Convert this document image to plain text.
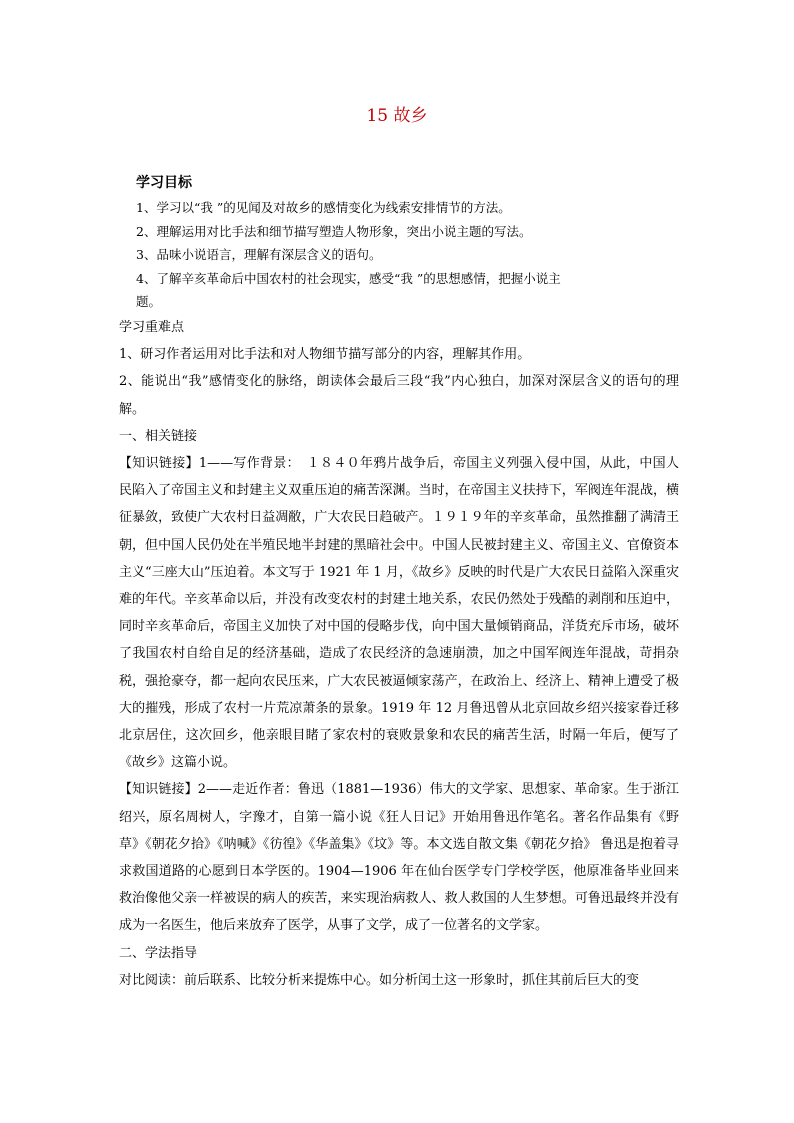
15 故乡
学习目标
1、学习以“我 ”的见闻及对故乡的感情变化为线索安排情节的方法。
2、理解运用对比手法和细节描写塑造人物形象，突出小说主题的写法。
3、品味小说语言，理解有深层含义的语句。
4、了解辛亥革命后中国农村的社会现实，感受“我 ”的思想感情，把握小说主
题。

学习重难点

1、研习作者运用对比手法和对人物细节描写部分的内容，理解其作用。

2、能说出“我”感情变化的脉络，朗读体会最后三段“我”内心独白，加深对深层含义的语句的理解。

一、相关链接

【知识链接】1——写作背景：　１８４０年鸦片战争后，帝国主义列强入侵中国，从此，中国人民陷入了帝国主义和封建主义双重压迫的痛苦深渊。当时，在帝国主义扶持下，军阀连年混战，横征暴敛，致使广大农村日益凋敝，广大农民日趋破产。１９１９年的辛亥革命，虽然推翻了满清王朝，但中国人民仍处在半殖民地半封建的黑暗社会中。中国人民被封建主义、帝国主义、官僚资本主义“三座大山”压迫着。本文写于 1921 年 1 月，《故乡》反映的时代是广大农民日益陷入深重灾难的年代。辛亥革命以后，并没有改变农村的封建土地关系，农民仍然处于残酷的剥削和压迫中，同时辛亥革命后，帝国主义加快了对中国的侵略步伐，向中国大量倾销商品，洋货充斥市场，破坏了我国农村自给自足的经济基础，造成了农民经济的急速崩溃，加之中国军阀连年混战，苛捐杂税，强抢豪夺，都一起向农民压来，广大农民被逼倾家荡产，在政治上、经济上、精神上遭受了极大的摧残，形成了农村一片荒凉萧条的景象。1919 年 12 月鲁迅曾从北京回故乡绍兴接家眷迁移北京居住，这次回乡，他亲眼目睹了家农村的衰败景象和农民的痛苦生活，时隔一年后，便写了《故乡》这篇小说。

【知识链接】2——走近作者：鲁迅（1881—1936）伟大的文学家、思想家、革命家。生于浙江绍兴，原名周树人，字豫才，自第一篇小说《狂人日记》开始用鲁迅作笔名。著名作品集有《野草》《朝花夕拾》《呐喊》《彷徨》《华盖集》《坟》等。本文选自散文集《朝花夕拾》 鲁迅是抱着寻求救国道路的心愿到日本学医的。1904—1906 年在仙台医学专门学校学医，他原准备毕业回来救治像他父亲一样被误的病人的疾苦，来实现治病救人、救人救国的人生梦想。可鲁迅最终并没有成为一名医生，他后来放弃了医学，从事了文学，成了一位著名的文学家。

二、学法指导

对比阅读：前后联系、比较分析来提炼中心。如分析闰土这一形象时，抓住其前后巨大的变
